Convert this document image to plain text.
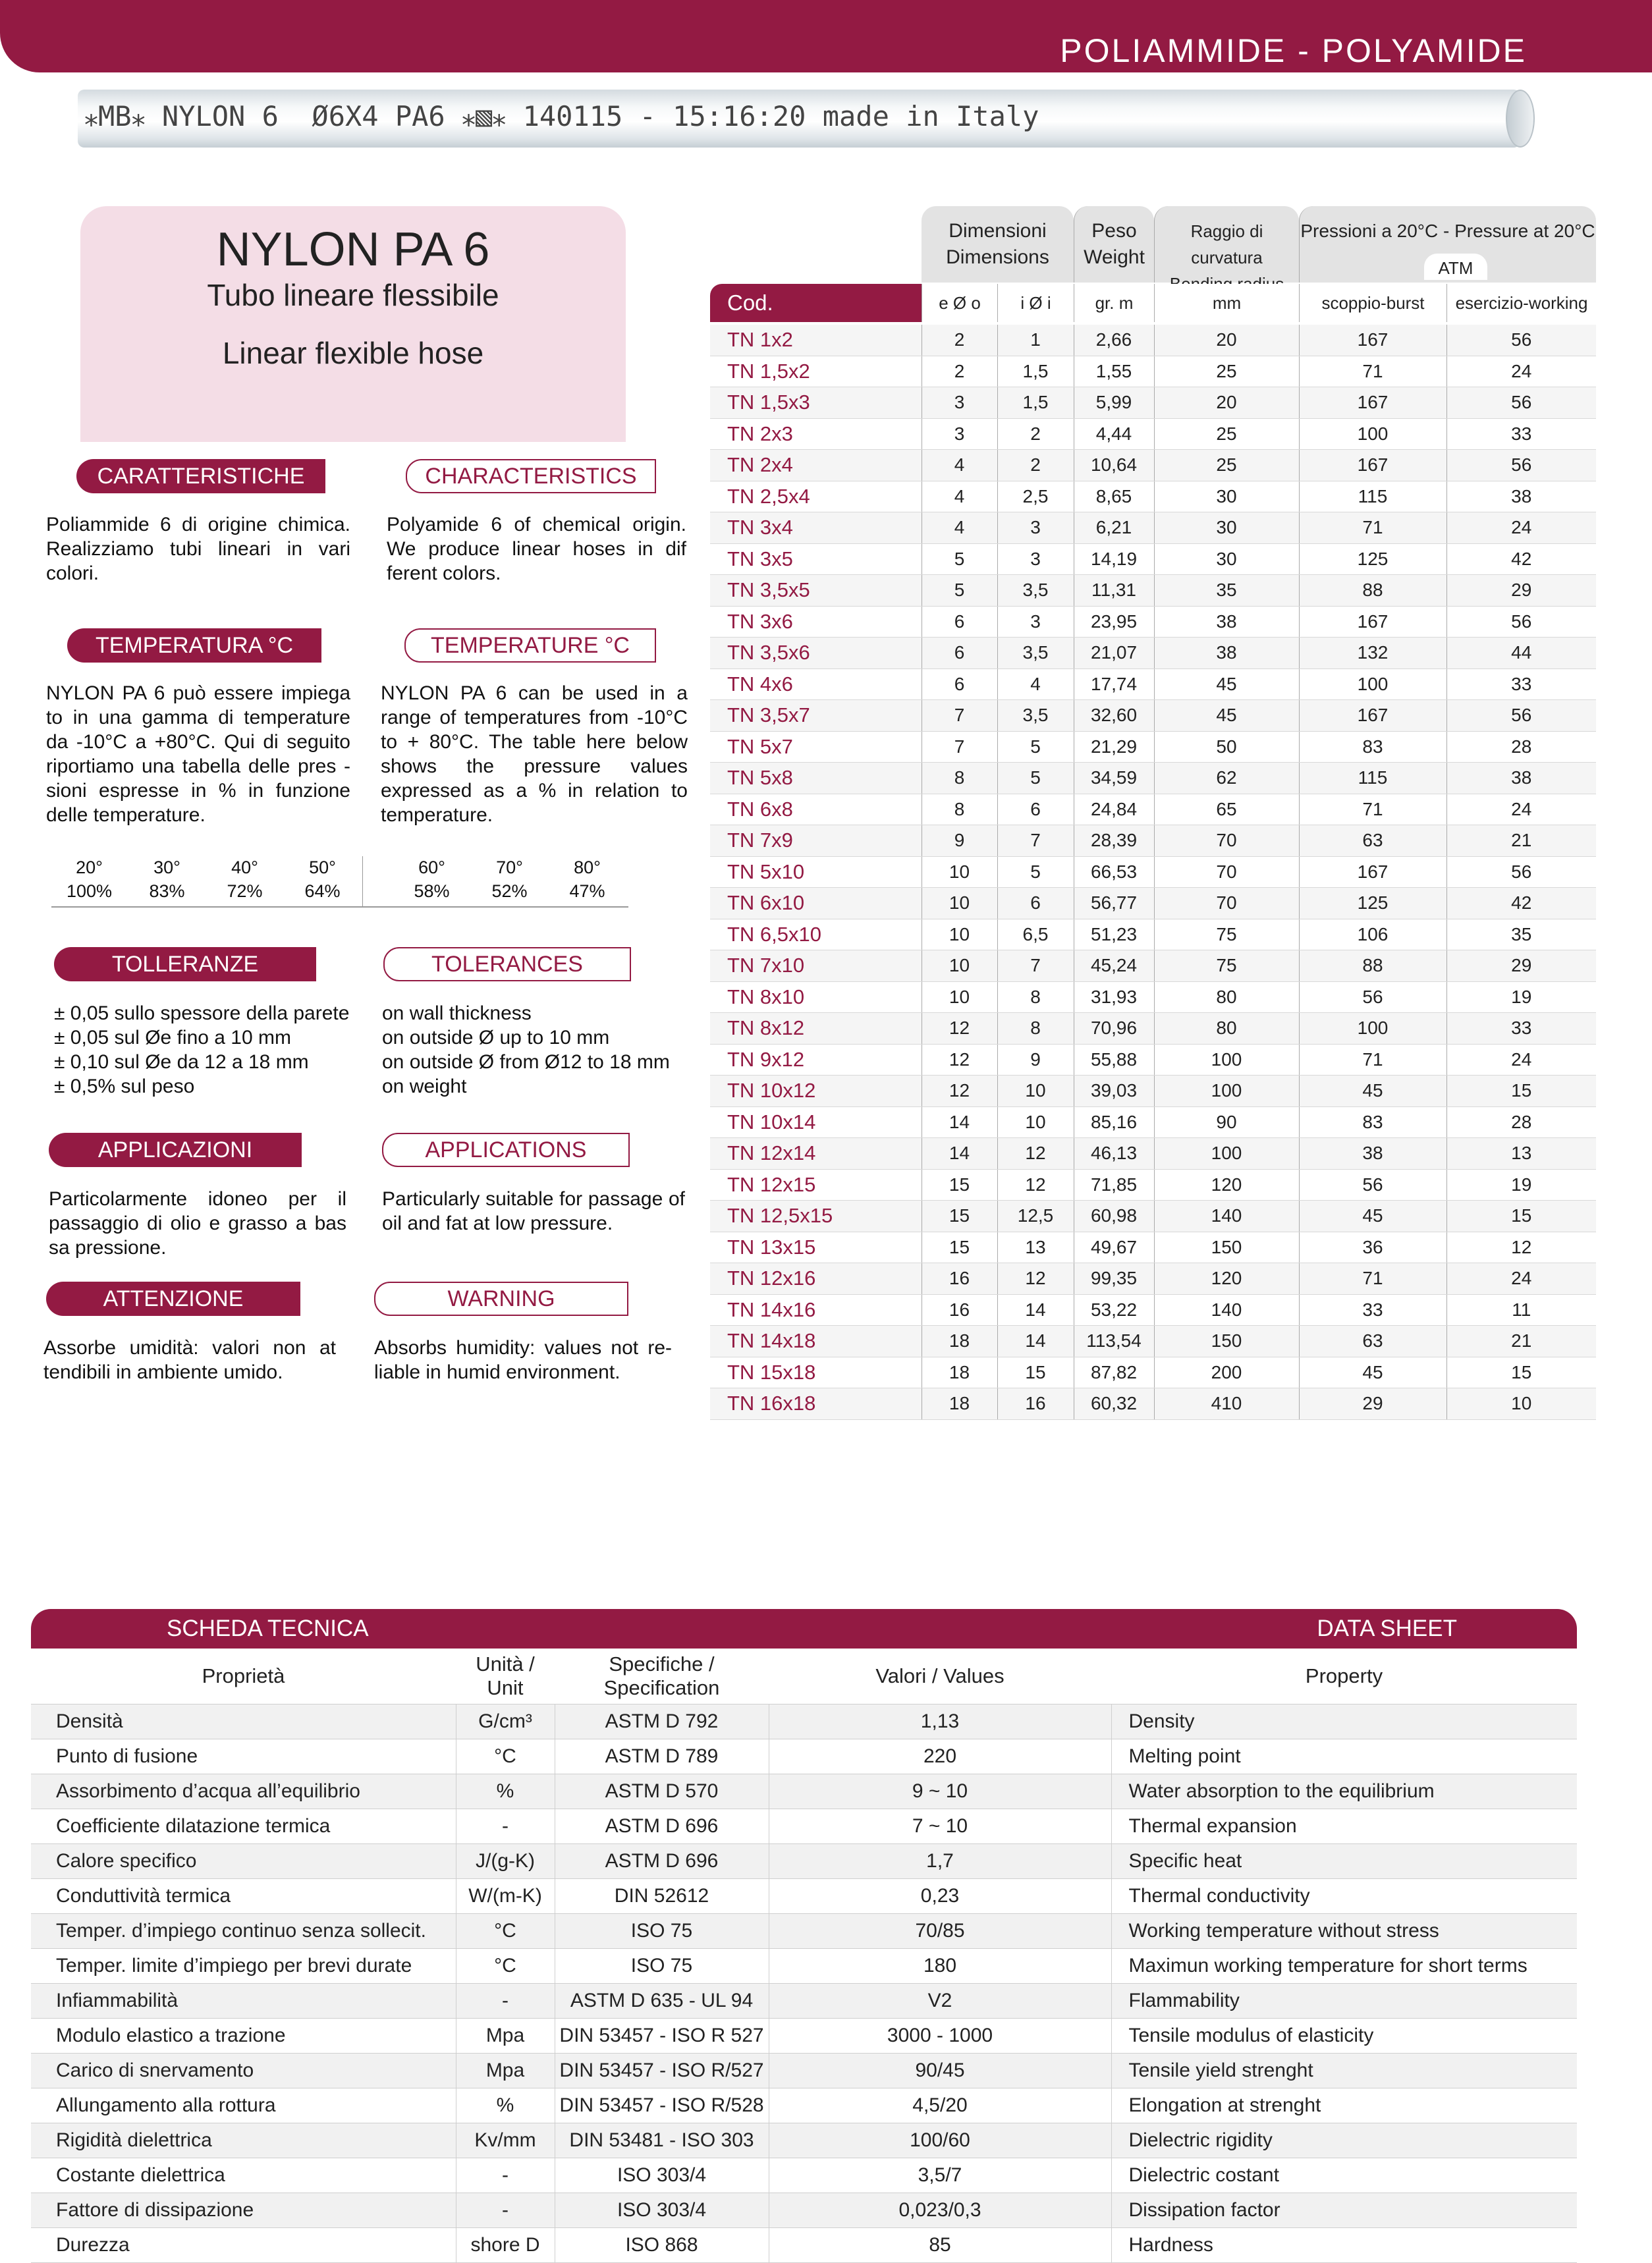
POLIAMMIDE - POLYAMIDE
⁎MB⁎ NYLON 6  Ø6X4 PA6 ⁎▧⁎ 140115 - 15:16:20 made in Italy
NYLON PA 6
Tubo lineare flessibile
Linear flexible hose
CARATTERISTICHE	CHARACTERISTICS
Poliammide 6 di origine chimica. Realizziamo tubi lineari in vari colori.
Polyamide 6 of chemical origin. We produce linear hoses in dif ferent colors.
TEMPERATURA °C	TEMPERATURE °C
NYLON PA 6 può essere impiega to in una gamma di temperature da -10°C a +80°C. Qui di seguito riportiamo una tabella delle pres - sioni espresse in % in funzione delle temperature.
NYLON PA 6 can be used in a range of temperatures from -10°C to + 80°C. The table here below shows the pressure values expressed as a % in relation to temperature.
20°	30°	40°	50°	60°	70°	80°
100%	83%	72%	64%	58%	52%	47%
TOLLERANZE	TOLERANCES
± 0,05 sullo spessore della parete
± 0,05 sul Øe fino a 10 mm
± 0,10 sul Øe da 12 a 18 mm
± 0,5% sul peso
on wall thickness
on outside Ø up to 10 mm
on outside Ø from Ø12 to 18 mm
on weight
APPLICAZIONI	APPLICATIONS
Particolarmente idoneo per il passaggio di olio e grasso a bas sa pressione.
Particularly suitable for passage of oil and fat at low pressure.
ATTENZIONE	WARNING
Assorbe umidità: valori non at tendibili in ambiente umido.
Absorbs humidity: values not re- liable in humid environment.
Dimensioni
Dimensions
Peso
Weight
Raggio di curvatura
Pressioni a 20°C - Pressure at 20°C
ATM
Cod.	e Ø o	i Ø i	gr. m	mm	scoppio-burst	esercizio-working
TN 1x2	2	1	2,66	20	167	56
TN 1,5x2	2	1,5	1,55	25	71	24
TN 1,5x3	3	1,5	5,99	20	167	56
TN 2x3	3	2	4,44	25	100	33
TN 2x4	4	2	10,64	25	167	56
TN 2,5x4	4	2,5	8,65	30	115	38
TN 3x4	4	3	6,21	30	71	24
TN 3x5	5	3	14,19	30	125	42
TN 3,5x5	5	3,5	11,31	35	88	29
TN 3x6	6	3	23,95	38	167	56
TN 3,5x6	6	3,5	21,07	38	132	44
TN 4x6	6	4	17,74	45	100	33
TN 3,5x7	7	3,5	32,60	45	167	56
TN 5x7	7	5	21,29	50	83	28
TN 5x8	8	5	34,59	62	115	38
TN 6x8	8	6	24,84	65	71	24
TN 7x9	9	7	28,39	70	63	21
TN 5x10	10	5	66,53	70	167	56
TN 6x10	10	6	56,77	70	125	42
TN 6,5x10	10	6,5	51,23	75	106	35
TN 7x10	10	7	45,24	75	88	29
TN 8x10	10	8	31,93	80	56	19
TN 8x12	12	8	70,96	80	100	33
TN 9x12	12	9	55,88	100	71	24
TN 10x12	12	10	39,03	100	45	15
TN 10x14	14	10	85,16	90	83	28
TN 12x14	14	12	46,13	100	38	13
TN 12x15	15	12	71,85	120	56	19
TN 12,5x15	15	12,5	60,98	140	45	15
TN 13x15	15	13	49,67	150	36	12
TN 12x16	16	12	99,35	120	71	24
TN 14x16	16	14	53,22	140	33	11
TN 14x18	18	14	113,54	150	63	21
TN 15x18	18	15	87,82	200	45	15
TN 16x18	18	16	60,32	410	29	10
SCHEDA TECNICA	DATA SHEET
Proprietà	Unità / Unit	Specifiche / Specification	Valori / Values	Property
Densità	G/cm³	ASTM D 792	1,13	Density
Punto di fusione	°C	ASTM D 789	220	Melting point
Assorbimento d’acqua all’equilibrio	%	ASTM D 570	9 ~ 10	Water absorption to the equilibrium
Coefficiente dilatazione termica	-	ASTM D 696	7 ~ 10	Thermal expansion
Calore specifico	J/(g-K)	ASTM D 696	1,7	Specific heat
Conduttività termica	W/(m-K)	DIN 52612	0,23	Thermal conductivity
Temper. d’impiego continuo senza sollecit.	°C	ISO 75	70/85	Working temperature without stress
Temper. limite d’impiego per brevi durate	°C	ISO 75	180	Maximun working temperature for short terms
Infiammabilità	-	ASTM D 635 - UL 94	V2	Flammability
Modulo elastico a trazione	Mpa	DIN 53457 - ISO R 527	3000 - 1000	Tensile modulus of elasticity
Carico di snervamento	Mpa	DIN 53457 - ISO R/527	90/45	Tensile yield strenght
Allungamento alla rottura	%	DIN 53457 - ISO R/528	4,5/20	Elongation at strenght
Rigidità dielettrica	Kv/mm	DIN 53481 - ISO 303	100/60	Dielectric rigidity
Costante dielettrica	-	ISO 303/4	3,5/7	Dielectric costant
Fattore di dissipazione	-	ISO 303/4	0,023/0,3	Dissipation factor
Durezza	shore D	ISO 868	85	Hardness
